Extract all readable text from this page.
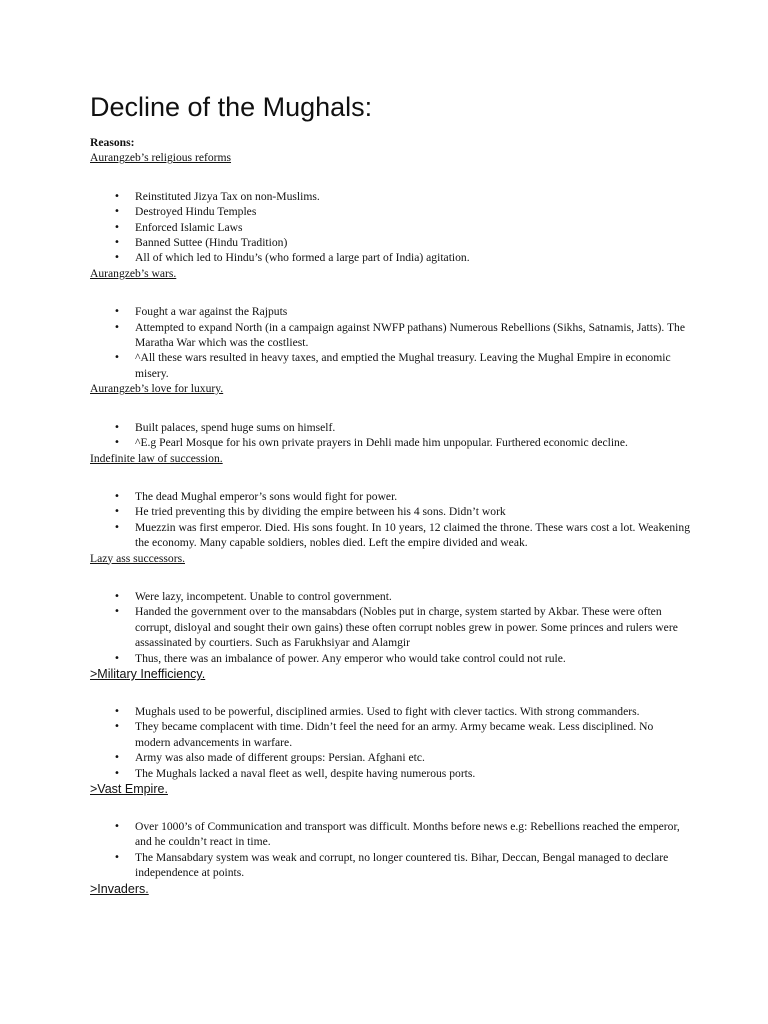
Decline of the Mughals:

Reasons:

Aurangzeb’s religious reforms

• Reinstituted Jizya Tax on non-Muslims.
• Destroyed Hindu Temples
• Enforced Islamic Laws
• Banned Suttee (Hindu Tradition)
• All of which led to Hindu’s (who formed a large part of India) agitation.

Aurangzeb’s wars.

• Fought a war against the Rajputs
• Attempted to expand North (in a campaign against NWFP pathans) Numerous Rebellions (Sikhs, Satnamis, Jatts). The Maratha War which was the costliest.
• ^All these wars resulted in heavy taxes, and emptied the Mughal treasury. Leaving the Mughal Empire in economic misery.

Aurangzeb’s love for luxury.

• Built palaces, spend huge sums on himself.
• ^E.g Pearl Mosque for his own private prayers in Dehli made him unpopular. Furthered economic decline.

Indefinite law of succession.

• The dead Mughal emperor’s sons would fight for power.
• He tried preventing this by dividing the empire between his 4 sons. Didn’t work
• Muezzin was first emperor. Died. His sons fought. In 10 years, 12 claimed the throne. These wars cost a lot. Weakening the economy. Many capable soldiers, nobles died. Left the empire divided and weak.

Lazy ass successors.

• Were lazy, incompetent. Unable to control government.
• Handed the government over to the mansabdars (Nobles put in charge, system started by Akbar. These were often corrupt, disloyal and sought their own gains) these often corrupt nobles grew in power. Some princes and rulers were assassinated by courtiers. Such as Farukhsiyar and Alamgir
• Thus, there was an imbalance of power. Any emperor who would take control could not rule.

>Military Inefficiency.

• Mughals used to be powerful, disciplined armies. Used to fight with clever tactics. With strong commanders.
• They became complacent with time. Didn’t feel the need for an army. Army became weak. Less disciplined. No modern advancements in warfare.
• Army was also made of different groups: Persian. Afghani etc.
• The Mughals lacked a naval fleet as well, despite having numerous ports.

>Vast Empire.

• Over 1000’s of Communication and transport was difficult. Months before news e.g: Rebellions reached the emperor, and he couldn’t react in time.
• The Mansabdary system was weak and corrupt, no longer countered tis. Bihar, Deccan, Bengal managed to declare independence at points.

>Invaders.
